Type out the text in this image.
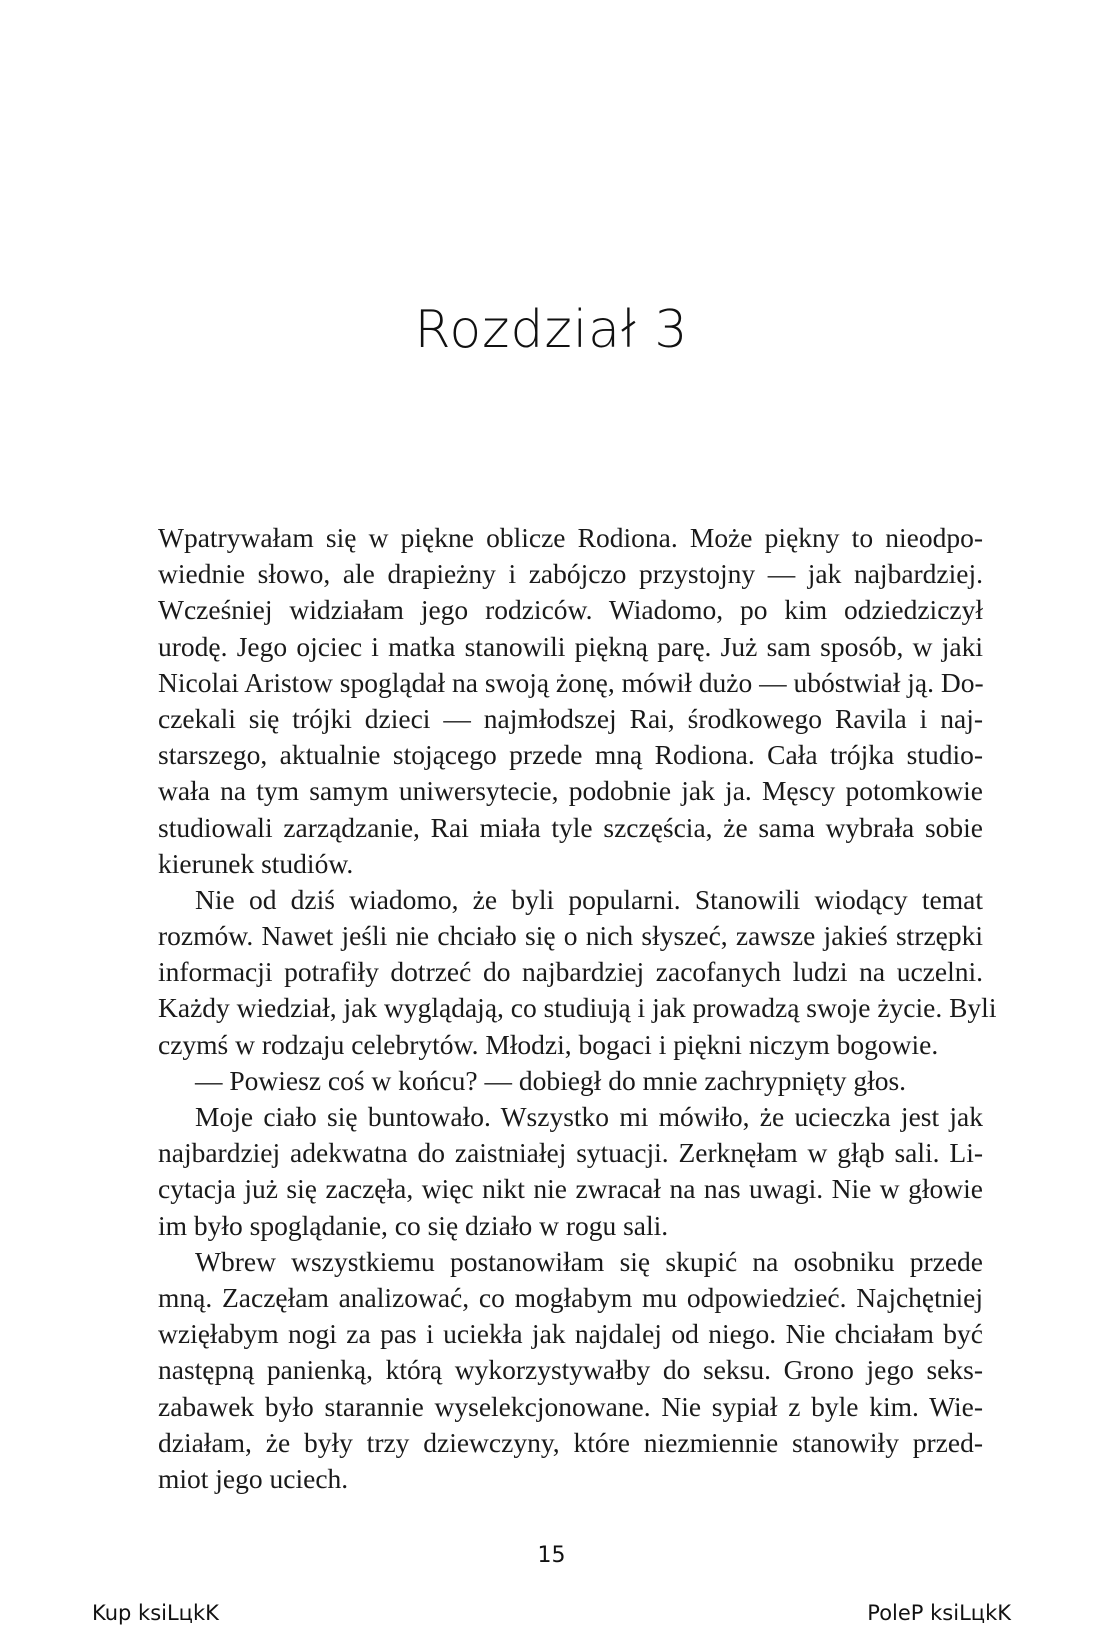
Rozdział 3
Wpatrywałam się w piękne oblicze Rodiona. Może piękny to nieodpo-
wiednie słowo, ale drapieżny i zabójczo przystojny — jak najbardziej.
Wcześniej widziałam jego rodziców. Wiadomo, po kim odziedziczył
urodę. Jego ojciec i matka stanowili piękną parę. Już sam sposób, w jaki
Nicolai Aristow spoglądał na swoją żonę, mówił dużo — ubóstwiał ją. Do-
czekali się trójki dzieci — najmłodszej Rai, środkowego Ravila i naj-
starszego, aktualnie stojącego przede mną Rodiona. Cała trójka studio-
wała na tym samym uniwersytecie, podobnie jak ja. Męscy potomkowie
studiowali zarządzanie, Rai miała tyle szczęścia, że sama wybrała sobie
kierunek studiów.
Nie od dziś wiadomo, że byli popularni. Stanowili wiodący temat
rozmów. Nawet jeśli nie chciało się o nich słyszeć, zawsze jakieś strzępki
informacji potrafiły dotrzeć do najbardziej zacofanych ludzi na uczelni.
Każdy wiedział, jak wyglądają, co studiują i jak prowadzą swoje życie. Byli
czymś w rodzaju celebrytów. Młodzi, bogaci i piękni niczym bogowie.
— Powiesz coś w końcu? — dobiegł do mnie zachrypnięty głos.
Moje ciało się buntowało. Wszystko mi mówiło, że ucieczka jest jak
najbardziej adekwatna do zaistniałej sytuacji. Zerknęłam w głąb sali. Li-
cytacja już się zaczęła, więc nikt nie zwracał na nas uwagi. Nie w głowie
im było spoglądanie, co się działo w rogu sali.
Wbrew wszystkiemu postanowiłam się skupić na osobniku przede
mną. Zaczęłam analizować, co mogłabym mu odpowiedzieć. Najchętniej
wzięłabym nogi za pas i uciekła jak najdalej od niego. Nie chciałam być
następną panienką, którą wykorzystywałby do seksu. Grono jego seks-
zabawek było starannie wyselekcjonowane. Nie sypiał z byle kim. Wie-
działam, że były trzy dziewczyny, które niezmiennie stanowiły przed-
miot jego uciech.
15
Kup ksiLцkK	PoleP ksiLцkK
